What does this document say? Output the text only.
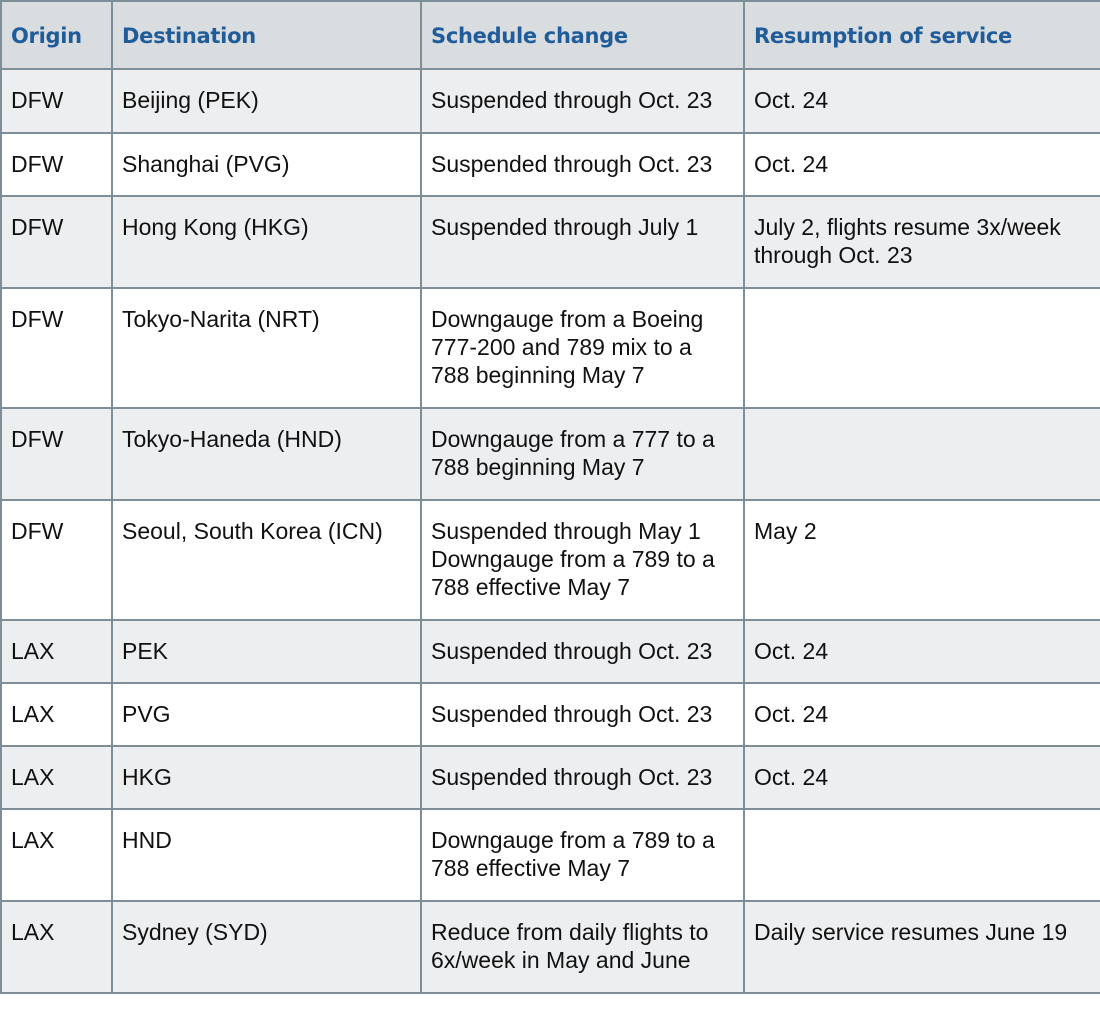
Origin	Destination	Schedule change	Resumption of service
DFW	Beijing (PEK)	Suspended through Oct. 23	Oct. 24

DFW	Shanghai (PVG)	Suspended through Oct. 23	Oct. 24

DFW	Hong Kong (HKG)	Suspended through July 1	July 2, flights resume 3x/week
through Oct. 23

DFW	Tokyo-Narita (NRT)	Downgauge from a Boeing
777-200 and 789 mix to a
788 beginning May 7	

DFW	Tokyo-Haneda (HND)	Downgauge from a 777 to a
788 beginning May 7	

DFW	Seoul, South Korea (ICN)	Suspended through May 1
Downgauge from a 789 to a
788 effective May 7	May 2

LAX	PEK	Suspended through Oct. 23	Oct. 24

LAX	PVG	Suspended through Oct. 23	Oct. 24

LAX	HKG	Suspended through Oct. 23	Oct. 24

LAX	HND	Downgauge from a 789 to a
788 effective May 7	

LAX	Sydney (SYD)	Reduce from daily flights to
6x/week in May and June	Daily service resumes June 19
